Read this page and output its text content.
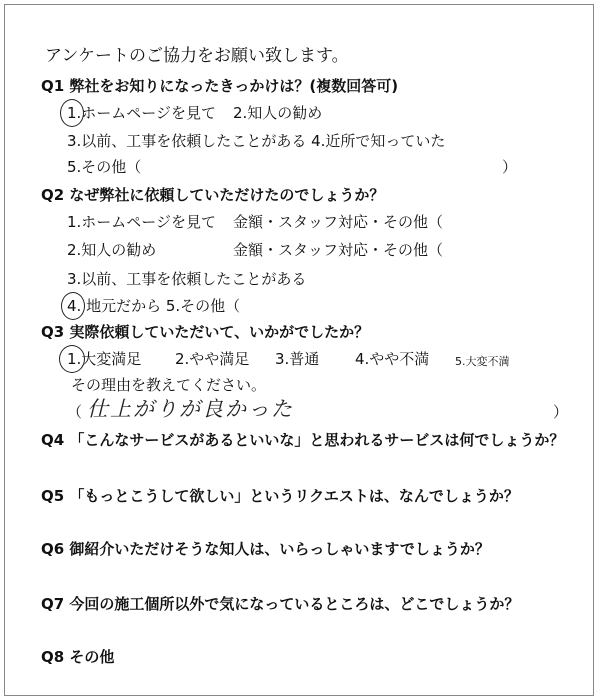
アンケートのご協力をお願い致します。
Q1 弊社をお知りになったきっかけは？(複数回答可)
1.ホームページを見て 2.知人の勧め
3.以前、工事を依頼したことがある 4.近所で知っていた
5.その他（	）
Q2 なぜ弊社に依頼していただけたのでしょうか？
1.ホームページを見て 金額・スタッフ対応・その他（
2.知人の勧め	金額・スタッフ対応・その他（
3.以前、工事を依頼したことがある
4. 地元だから 5.その他（
Q3 実際依頼していただいて、いかがでしたか？
1.大変満足 2.やや満足 3.普通 4.やや不満 5.大変不満
その理由を教えてください。
（ 仕上がりが良かった	）
Q4 「こんなサービスがあるといいな」と思われるサービスは何でしょうか？
Q5 「もっとこうして欲しい」というリクエストは、なんでしょうか？
Q6 御紹介いただけそうな知人は、いらっしゃいますでしょうか？
Q7 今回の施工個所以外で気になっているところは、どこでしょうか？
Q8 その他
